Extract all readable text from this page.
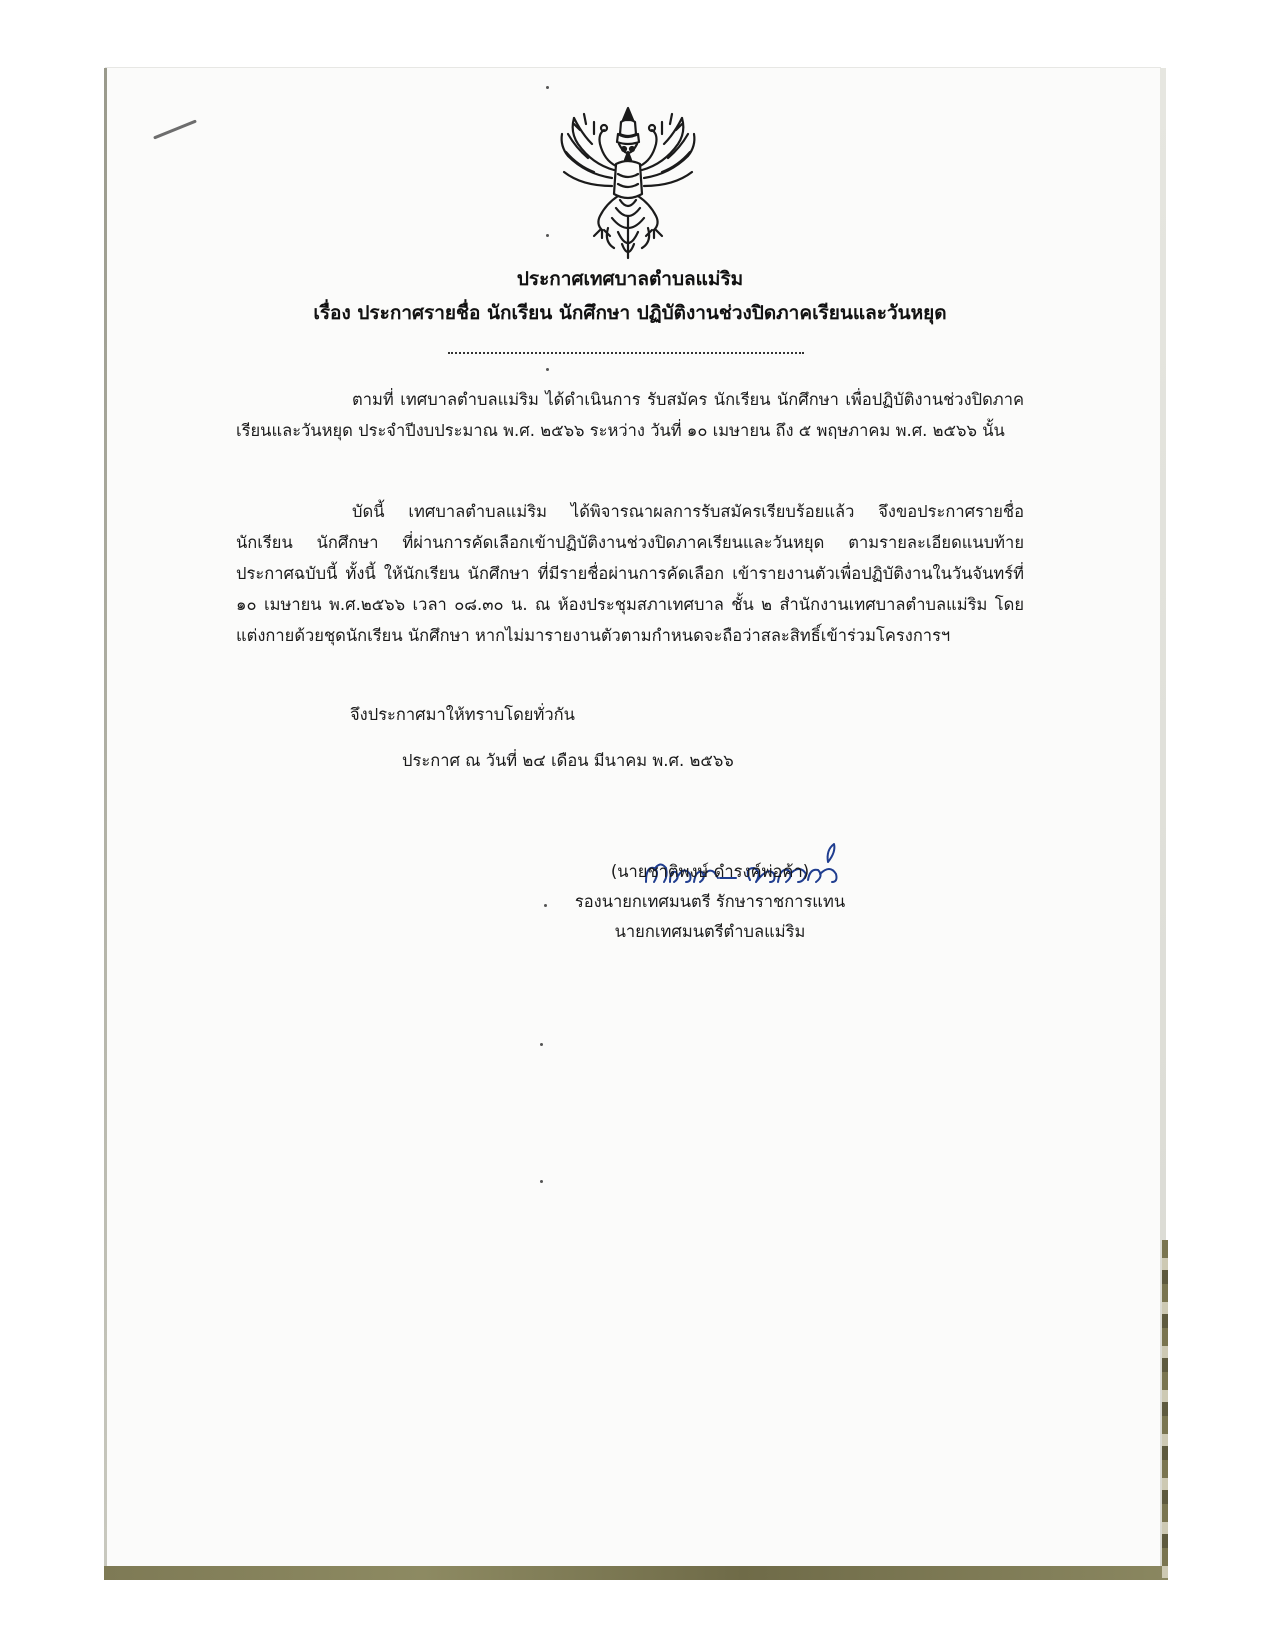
ประกาศเทศบาลตำบลแม่ริม
เรื่อง ประกาศรายชื่อ นักเรียน นักศึกษา ปฏิบัติงานช่วงปิดภาคเรียนและวันหยุด
ตามที่ เทศบาลตำบลแม่ริม ได้ดำเนินการ รับสมัคร นักเรียน นักศึกษา เพื่อปฏิบัติงานช่วงปิดภาคเรียนและวันหยุด ประจำปีงบประมาณ พ.ศ. ๒๕๖๖ ระหว่าง วันที่ ๑๐ เมษายน ถึง ๕ พฤษภาคม พ.ศ. ๒๕๖๖ นั้น
บัดนี้ เทศบาลตำบลแม่ริม ได้พิจารณาผลการรับสมัครเรียบร้อยแล้ว จึงขอประกาศรายชื่อนักเรียน นักศึกษา ที่ผ่านการคัดเลือกเข้าปฏิบัติงานช่วงปิดภาคเรียนและวันหยุด ตามรายละเอียดแนบท้ายประกาศฉบับนี้ ทั้งนี้ ให้นักเรียน นักศึกษา ที่มีรายชื่อผ่านการคัดเลือก เข้ารายงานตัวเพื่อปฏิบัติงานในวันจันทร์ที่ ๑๐ เมษายน พ.ศ.๒๕๖๖ เวลา ๐๘.๓๐ น. ณ ห้องประชุมสภาเทศบาล ชั้น ๒ สำนักงานเทศบาลตำบลแม่ริม โดยแต่งกายด้วยชุดนักเรียน นักศึกษา หากไม่มารายงานตัวตามกำหนดจะถือว่าสละสิทธิ์เข้าร่วมโครงการฯ
จึงประกาศมาให้ทราบโดยทั่วกัน
ประกาศ ณ วันที่ ๒๔ เดือน มีนาคม พ.ศ. ๒๕๖๖
(นายชาติพงษ์ ดำรงค์พ่อค้า)
รองนายกเทศมนตรี รักษาราชการแทน
นายกเทศมนตรีตำบลแม่ริม
